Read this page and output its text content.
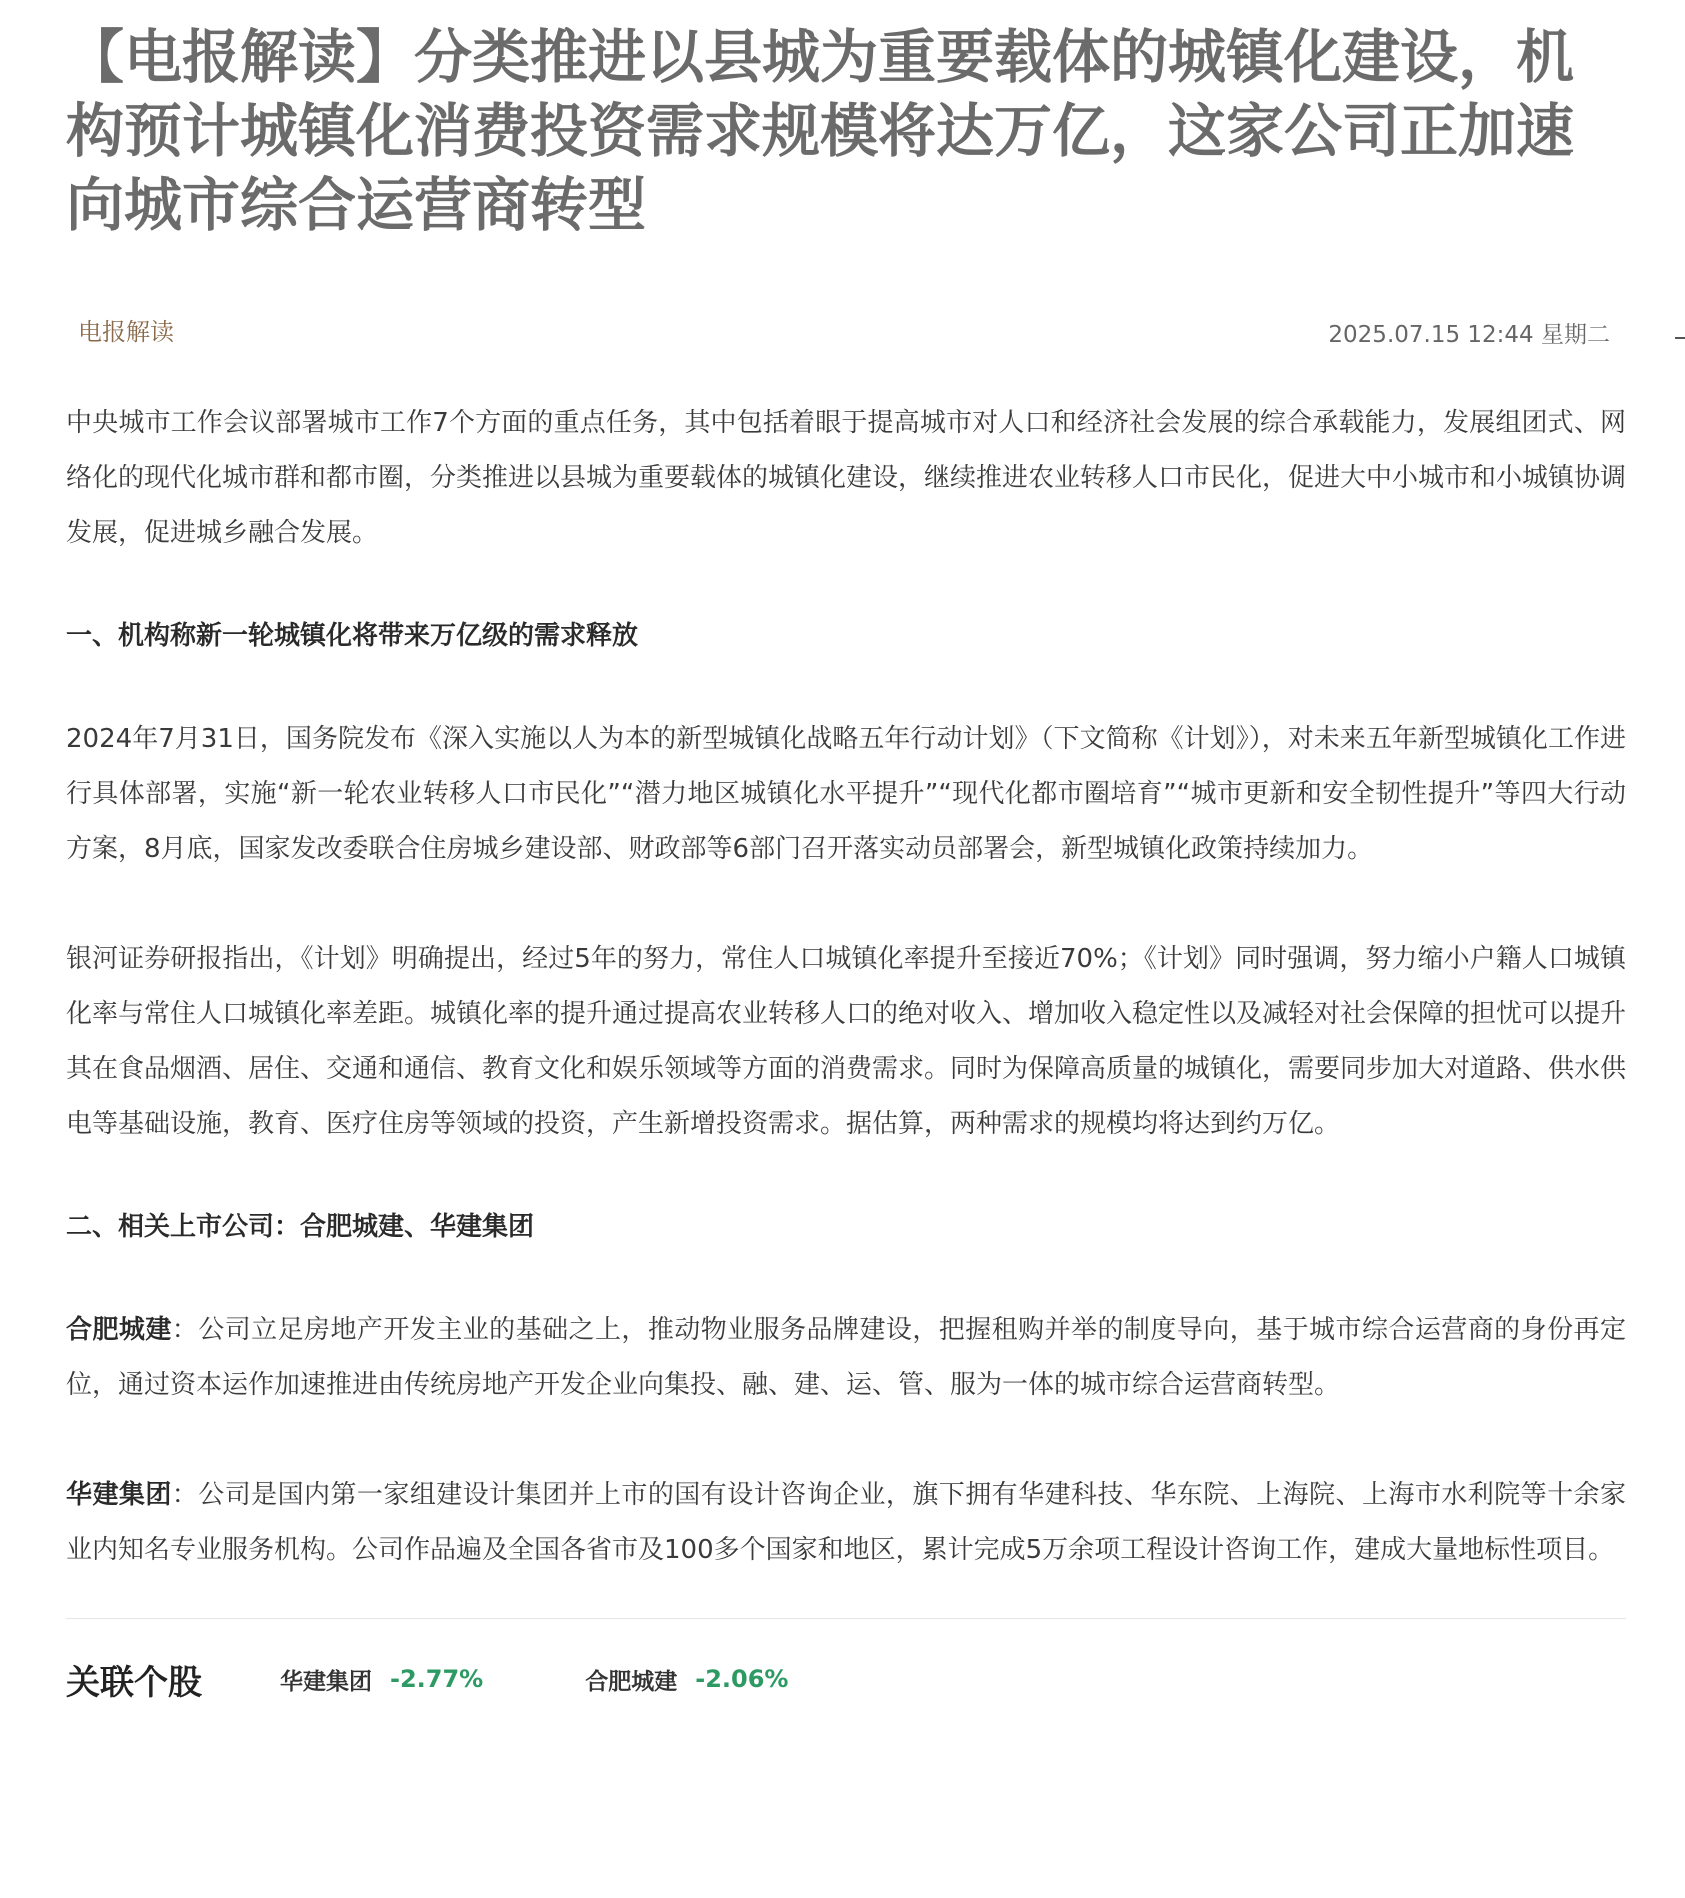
【电报解读】分类推进以县城为重要载体的城镇化建设，机构预计城镇化消费投资需求规模将达万亿，这家公司正加速向城市综合运营商转型
电报解读	2025.07.15 12:44 星期二

中央城市工作会议部署城市工作7个方面的重点任务，其中包括着眼于提高城市对人口和经济社会发展的综合承载能力，发展组团式、网络化的现代化城市群和都市圈，分类推进以县城为重要载体的城镇化建设，继续推进农业转移人口市民化，促进大中小城市和小城镇协调发展，促进城乡融合发展。

一、机构称新一轮城镇化将带来万亿级的需求释放

2024年7月31日，国务院发布《深入实施以人为本的新型城镇化战略五年行动计划》（下文简称《计划》），对未来五年新型城镇化工作进行具体部署，实施“新一轮农业转移人口市民化”“潜力地区城镇化水平提升”“现代化都市圈培育”“城市更新和安全韧性提升”等四大行动方案，8月底，国家发改委联合住房城乡建设部、财政部等6部门召开落实动员部署会，新型城镇化政策持续加力。

银河证券研报指出，《计划》明确提出，经过5年的努力，常住人口城镇化率提升至接近70%；《计划》同时强调，努力缩小户籍人口城镇化率与常住人口城镇化率差距。城镇化率的提升通过提高农业转移人口的绝对收入、增加收入稳定性以及减轻对社会保障的担忧可以提升其在食品烟酒、居住、交通和通信、教育文化和娱乐领域等方面的消费需求。同时为保障高质量的城镇化，需要同步加大对道路、供水供电等基础设施，教育、医疗住房等领域的投资，产生新增投资需求。据估算，两种需求的规模均将达到约万亿。

二、相关上市公司：合肥城建、华建集团

合肥城建：公司立足房地产开发主业的基础之上，推动物业服务品牌建设，把握租购并举的制度导向，基于城市综合运营商的身份再定位，通过资本运作加速推进由传统房地产开发企业向集投、融、建、运、管、服为一体的城市综合运营商转型。

华建集团：公司是国内第一家组建设计集团并上市的国有设计咨询企业，旗下拥有华建科技、华东院、上海院、上海市水利院等十余家业内知名专业服务机构。公司作品遍及全国各省市及100多个国家和地区，累计完成5万余项工程设计咨询工作，建成大量地标性项目。

关联个股	华建集团 -2.77%	合肥城建 -2.06%
